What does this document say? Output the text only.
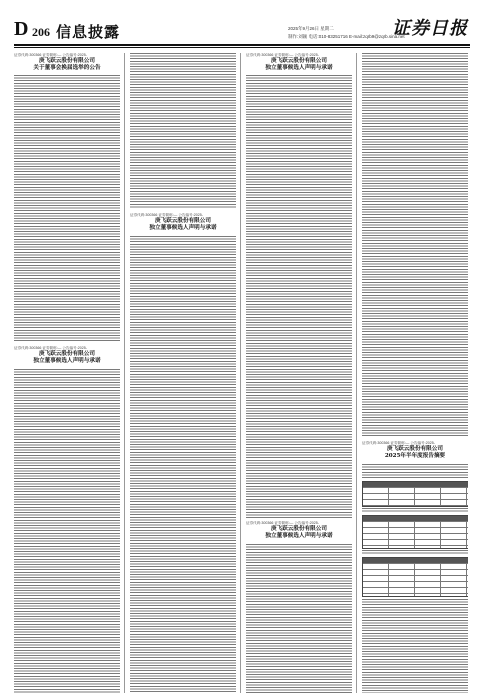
D 206 信息披露	2025年9月26日 星期二
制作:刘颖 电话:010-83251716 E-mail:zqrb9@zqrb.sina.net
证券日报
证券代码:300366 证券简称:— 公告编号:2025-
庚飞跃云股份有限公司
关于董事会换届选举的公告
证券代码:300366 证券简称:— 公告编号:2025-
庚飞跃云股份有限公司
独立董事候选人声明与承诺
证券代码:300366 证券简称:— 公告编号:2025-
庚飞跃云股份有限公司
独立董事候选人声明与承诺
证券代码:300366 证券简称:— 公告编号:2025-
庚飞跃云股份有限公司
独立董事候选人声明与承诺
证券代码:300366 证券简称:— 公告编号:2025-
庚飞跃云股份有限公司
独立董事候选人声明与承诺
证券代码:300366 证券简称:— 公告编号:2025-
庚飞跃云股份有限公司
2025年半年度报告摘要
